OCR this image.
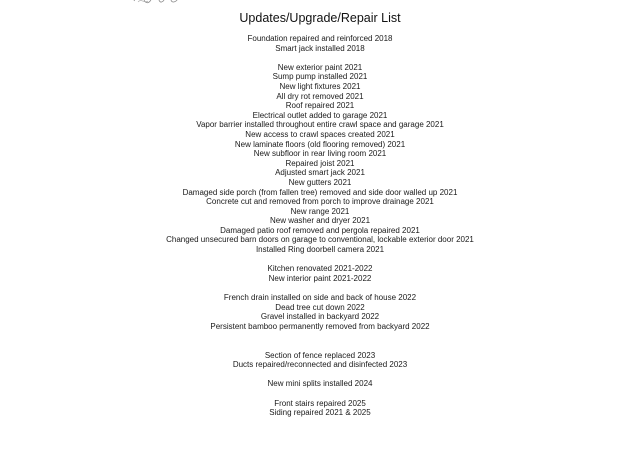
Updates/Upgrade/Repair List
Foundation repaired and reinforced 2018
Smart jack installed 2018
New exterior paint 2021
Sump pump installed 2021
New light fixtures 2021
All dry rot removed 2021
Roof repaired 2021
Electrical outlet added to garage 2021
Vapor barrier installed throughout entire crawl space and garage 2021
New access to crawl spaces created 2021
New laminate floors (old flooring removed) 2021
New subfloor in rear living room 2021
Repaired joist 2021
Adjusted smart jack 2021
New gutters 2021
Damaged side porch (from fallen tree) removed and side door walled up 2021
Concrete cut and removed from porch to improve drainage 2021
New range 2021
New washer and dryer 2021
Damaged patio roof removed and pergola repaired 2021
Changed unsecured barn doors on garage to conventional, lockable exterior door 2021
Installed Ring doorbell camera 2021
Kitchen renovated 2021-2022
New interior paint 2021-2022
French drain installed on side and back of house 2022
Dead tree cut down 2022
Gravel installed in backyard 2022
Persistent bamboo permanently removed from backyard 2022
Section of fence replaced 2023
Ducts repaired/reconnected and disinfected 2023
New mini splits installed 2024
Front stairs repaired 2025
Siding repaired 2021 & 2025
